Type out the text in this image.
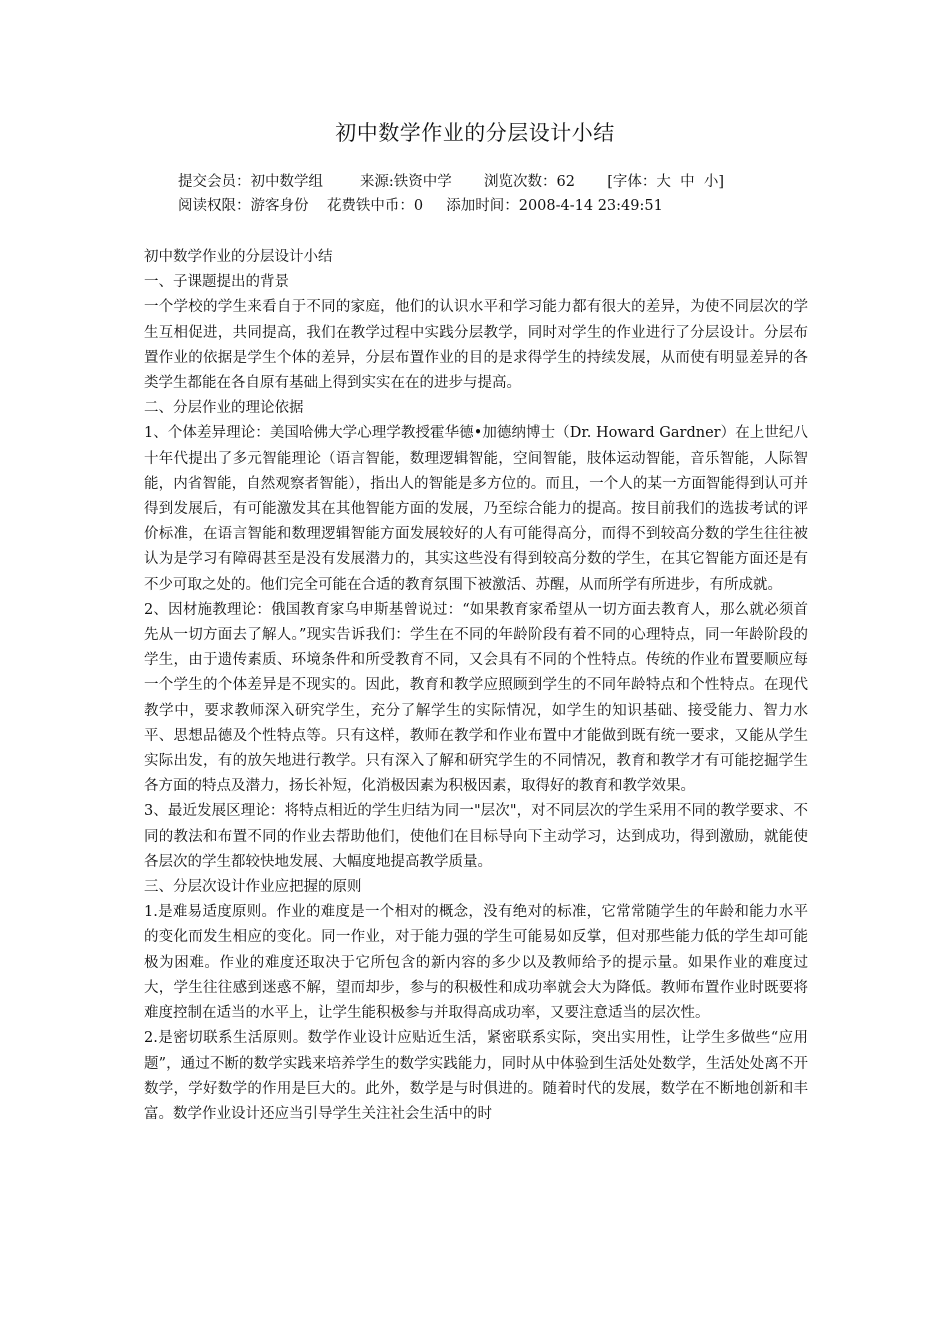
初中数学作业的分层设计小结
提交会员：初中数学组	来源:铁资中学 浏览次数：62 [字体：大  中  小]
阅读权限：游客身份 花费铁中币：0 添加时间：2008-4-14 23:49:51

初中数学作业的分层设计小结

一、子课题提出的背景

一个学校的学生来看自于不同的家庭，他们的认识水平和学习能力都有很大的差异，为使不同层次的学生互相促进，共同提高，我们在教学过程中实践分层教学，同时对学生的作业进行了分层设计。分层布置作业的依据是学生个体的差异，分层布置作业的目的是求得学生的持续发展，从而使有明显差异的各类学生都能在各自原有基础上得到实实在在的进步与提高。

二、分层作业的理论依据

1、个体差异理论：美国哈佛大学心理学教授霍华德•加德纳博士（Dr. Howard Gardner）在上世纪八十年代提出了多元智能理论（语言智能，数理逻辑智能，空间智能，肢体运动智能，音乐智能，人际智能，内省智能，自然观察者智能），指出人的智能是多方位的。而且，一个人的某一方面智能得到认可并得到发展后，有可能激发其在其他智能方面的发展，乃至综合能力的提高。按目前我们的选拔考试的评价标准，在语言智能和数理逻辑智能方面发展较好的人有可能得高分，而得不到较高分数的学生往往被认为是学习有障碍甚至是没有发展潜力的，其实这些没有得到较高分数的学生，在其它智能方面还是有不少可取之处的。他们完全可能在合适的教育氛围下被激活、苏醒，从而所学有所进步，有所成就。

2、因材施教理论：俄国教育家乌申斯基曾说过：“如果教育家希望从一切方面去教育人，那么就必须首先从一切方面去了解人。”现实告诉我们：学生在不同的年龄阶段有着不同的心理特点，同一年龄阶段的学生，由于遗传素质、环境条件和所受教育不同，又会具有不同的个性特点。传统的作业布置要顺应每一个学生的个体差异是不现实的。因此，教育和教学应照顾到学生的不同年龄特点和个性特点。在现代教学中，要求教师深入研究学生，充分了解学生的实际情况，如学生的知识基础、接受能力、智力水平、思想品德及个性特点等。只有这样，教师在教学和作业布置中才能做到既有统一要求，又能从学生实际出发，有的放矢地进行教学。只有深入了解和研究学生的不同情况，教育和教学才有可能挖掘学生各方面的特点及潜力，扬长补短，化消极因素为积极因素，取得好的教育和教学效果。

3、最近发展区理论：将特点相近的学生归结为同一"层次"，对不同层次的学生采用不同的教学要求、不同的教法和布置不同的作业去帮助他们，使他们在目标导向下主动学习，达到成功，得到激励，就能使各层次的学生都较快地发展、大幅度地提高教学质量。

三、分层次设计作业应把握的原则

1.是难易适度原则。作业的难度是一个相对的概念，没有绝对的标准，它常常随学生的年龄和能力水平的变化而发生相应的变化。同一作业，对于能力强的学生可能易如反掌，但对那些能力低的学生却可能极为困难。作业的难度还取决于它所包含的新内容的多少以及教师给予的提示量。如果作业的难度过大，学生往往感到迷惑不解，望而却步，参与的积极性和成功率就会大为降低。教师布置作业时既要将难度控制在适当的水平上，让学生能积极参与并取得高成功率，又要注意适当的层次性。

2.是密切联系生活原则。数学作业设计应贴近生活，紧密联系实际，突出实用性，让学生多做些“应用题”，通过不断的数学实践来培养学生的数学实践能力，同时从中体验到生活处处数学，生活处处离不开数学，学好数学的作用是巨大的。此外，数学是与时俱进的。随着时代的发展，数学在不断地创新和丰富。数学作业设计还应当引导学生关注社会生活中的时
